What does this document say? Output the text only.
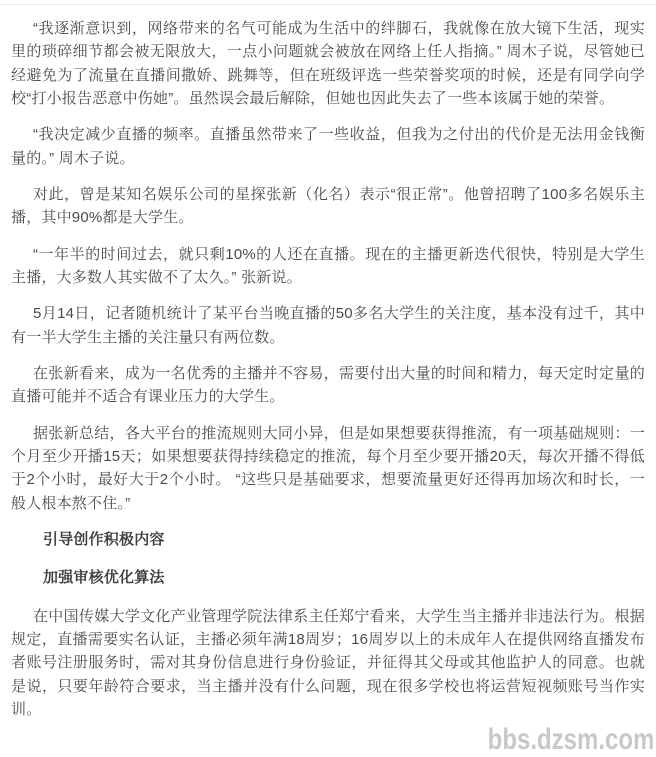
“我逐渐意识到，网络带来的名气可能成为生活中的绊脚石，我就像在放大镜下生活，现实里的琐碎细节都会被无限放大，一点小问题就会被放在网络上任人指摘。” 周木子说，尽管她已经避免为了流量在直播间撒娇、跳舞等，但在班级评选一些荣誉奖项的时候，还是有同学向学校“打小报告恶意中伤她”。虽然误会最后解除，但她也因此失去了一些本该属于她的荣誉。

“我决定减少直播的频率。直播虽然带来了一些收益，但我为之付出的代价是无法用金钱衡量的。” 周木子说。

对此，曾是某知名娱乐公司的星探张新（化名）表示“很正常”。他曾招聘了100多名娱乐主播，其中90%都是大学生。

“一年半的时间过去，就只剩10%的人还在直播。现在的主播更新迭代很快，特别是大学生主播，大多数人其实做不了太久。” 张新说。

5月14日，记者随机统计了某平台当晚直播的50多名大学生的关注度，基本没有过千，其中有一半大学生主播的关注量只有两位数。

在张新看来，成为一名优秀的主播并不容易，需要付出大量的时间和精力，每天定时定量的直播可能并不适合有课业压力的大学生。

据张新总结，各大平台的推流规则大同小异，但是如果想要获得推流，有一项基础规则：一个月至少开播15天；如果想要获得持续稳定的推流，每个月至少要开播20天，每次开播不得低于2个小时，最好大于2个小时。 “这些只是基础要求，想要流量更好还得再加场次和时长，一般人根本熬不住。”

引导创作积极内容

加强审核优化算法

在中国传媒大学文化产业管理学院法律系主任郑宁看来，大学生当主播并非违法行为。根据规定，直播需要实名认证，主播必须年满18周岁；16周岁以上的未成年人在提供网络直播发布者账号注册服务时，需对其身份信息进行身份验证，并征得其父母或其他监护人的同意。也就是说，只要年龄符合要求，当主播并没有什么问题，现在很多学校也将运营短视频账号当作实训。

bbs.dzsm.com
